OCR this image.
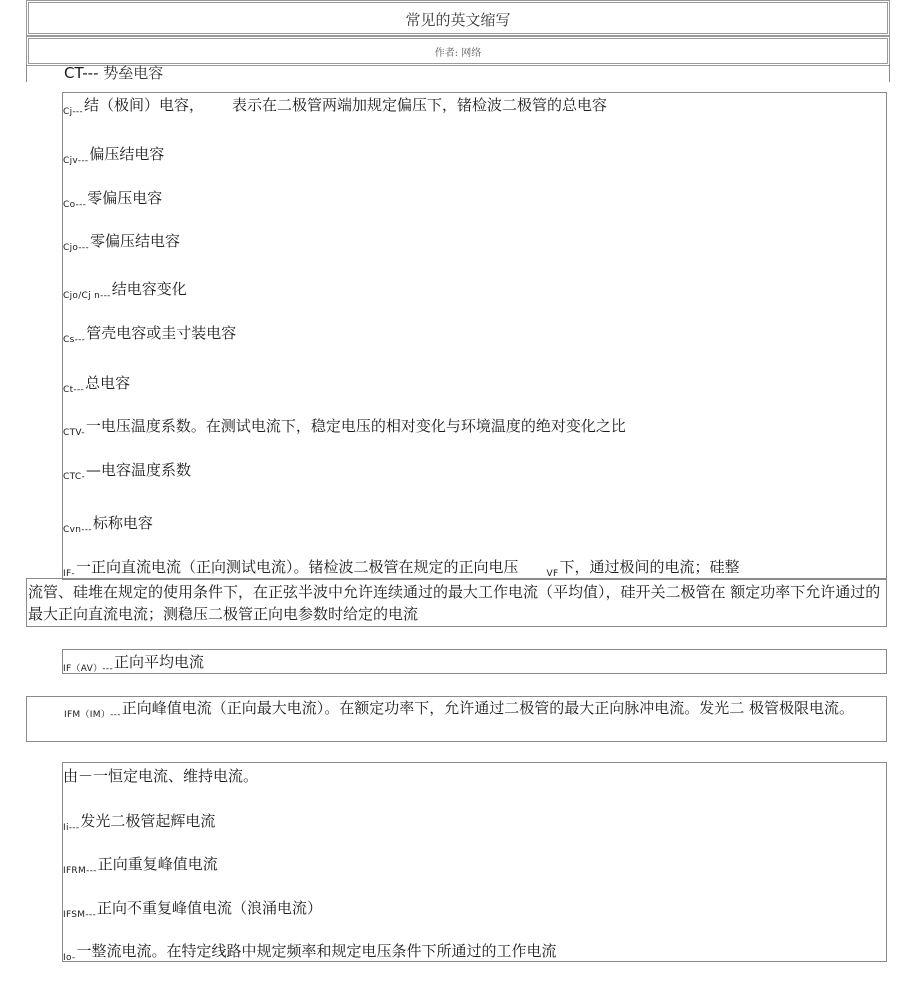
常见的英文缩写
作者: 网络
CT--- 势垒电容
$_{Cj---}$结（极间）电容， 表示在二极管两端加规定偏压下，锗检波二极管的总电容
$_{Cjv---}$偏压结电容
$_{Co---}$零偏压电容
$_{Cjo---}$零偏压结电容
$_{Cjo/Cj n---}$结电容变化
$_{Cs---}$管壳电容或圭寸装电容
$_{Ct---}$总电容
$_{CTV-}$一电压温度系数。在测试电流下，稳定电压的相对变化与环境温度的绝对变化之比
$_{CTC-}$—电容温度系数
$_{Cvn---}$标称电容
$_{IF-}$一正向直流电流（正向测试电流）。锗检波二极管在规定的正向电压	$_{VF}$下，通过极间的电流；硅整
流管、硅堆在规定的使用条件下，在正弦半波中允许连续通过的最大工作电流（平均值），硅开关二极管在 额定功率下允许通过的最大正向直流电流；测稳压二极管正向电参数时给定的电流
$_{IF(AV)---}$正向平均电流
$_{IFM(IM)---}$正向峰值电流（正向最大电流）。在额定功率下，允许通过二极管的最大正向脉冲电流。发光二 极管极限电流。
由－一恒定电流、维持电流。
$_{Ii---}$发光二极管起辉电流
$_{IFRM---}$正向重复峰值电流
$_{IFSM---}$正向不重复峰值电流（浪涌电流）
$_{Io-}$一整流电流。在特定线路中规定频率和规定电压条件下所通过的工作电流
